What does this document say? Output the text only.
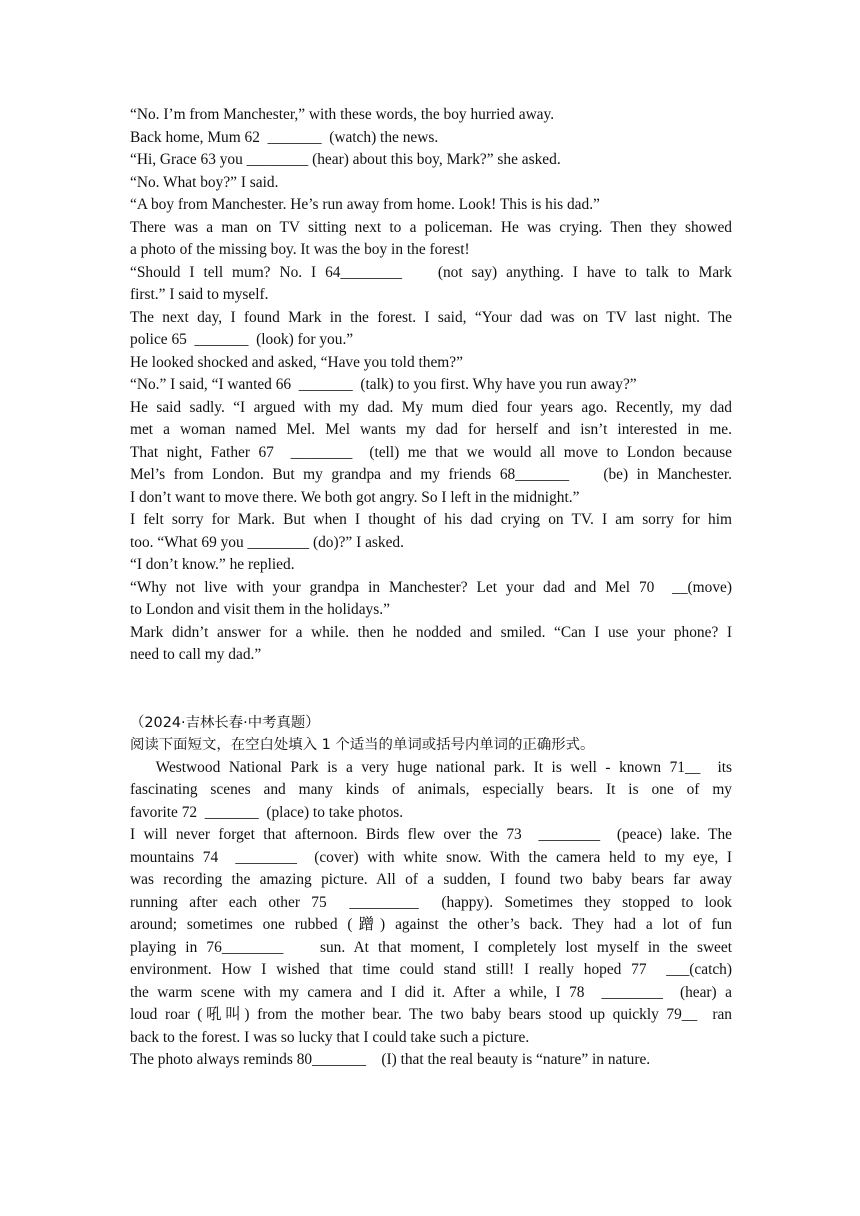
“No. I’m from Manchester,” with these words, the boy hurried away.
Back home, Mum 62  _______  (watch) the news.
“Hi, Grace 63 you ________ (hear) about this boy, Mark?” she asked.
“No. What boy?” I said.
“A boy from Manchester. He’s run away from home. Look! This is his dad.”
There was a man on TV sitting next to a policeman. He was crying. Then they showed
a photo of the missing boy. It was the boy in the forest!
“Should I tell mum? No. I 64________    (not say) anything. I have to talk to Mark
first.” I said to myself.
The next day, I found Mark in the forest. I said, “Your dad was on TV last night. The
police 65  _______  (look) for you.”
He looked shocked and asked, “Have you told them?”
“No.” I said, “I wanted 66  _______  (talk) to you first. Why have you run away?”
He said sadly. “I argued with my dad. My mum died four years ago. Recently, my dad
met a woman named Mel. Mel wants my dad for herself and isn’t interested in me.
That night, Father 67  ________  (tell) me that we would all move to London because
Mel’s from London. But my grandpa and my friends 68_______    (be) in Manchester.
I don’t want to move there. We both got angry. So I left in the midnight.”
I felt sorry for Mark. But when I thought of his dad crying on TV. I am sorry for him
too. “What 69 you ________ (do)?” I asked.
“I don’t know.” he replied.
“Why not live with your grandpa in Manchester? Let your dad and Mel 70  __(move)
to London and visit them in the holidays.”
Mark didn’t answer for a while. then he nodded and smiled. “Can I use your phone? I
need to call my dad.”
（2024·吉林长春·中考真题）
阅读下面短文，在空白处填入 1 个适当的单词或括号内单词的正确形式。
Westwood National Park is a very huge national park. It is well - known 71__  its
fascinating scenes and many kinds of animals, especially bears. It is one of my
favorite 72  _______  (place) to take photos.
I will never forget that afternoon. Birds flew over the 73  ________  (peace) lake. The
mountains 74  ________  (cover) with white snow. With the camera held to my eye, I
was recording the amazing picture. All of a sudden, I found two baby bears far away
running after each other 75  _________  (happy). Sometimes they stopped to look
around; sometimes one rubbed (蹭) against the other’s back. They had a lot of fun
playing in 76________    sun. At that moment, I completely lost myself in the sweet
environment. How I wished that time could stand still! I really hoped 77  ___(catch)
the warm scene with my camera and I did it. After a while, I 78  ________  (hear) a
loud roar (吼叫) from the mother bear. The two baby bears stood up quickly 79__  ran
back to the forest. I was so lucky that I could take such a picture.
The photo always reminds 80_______    (I) that the real beauty is “nature” in nature.
